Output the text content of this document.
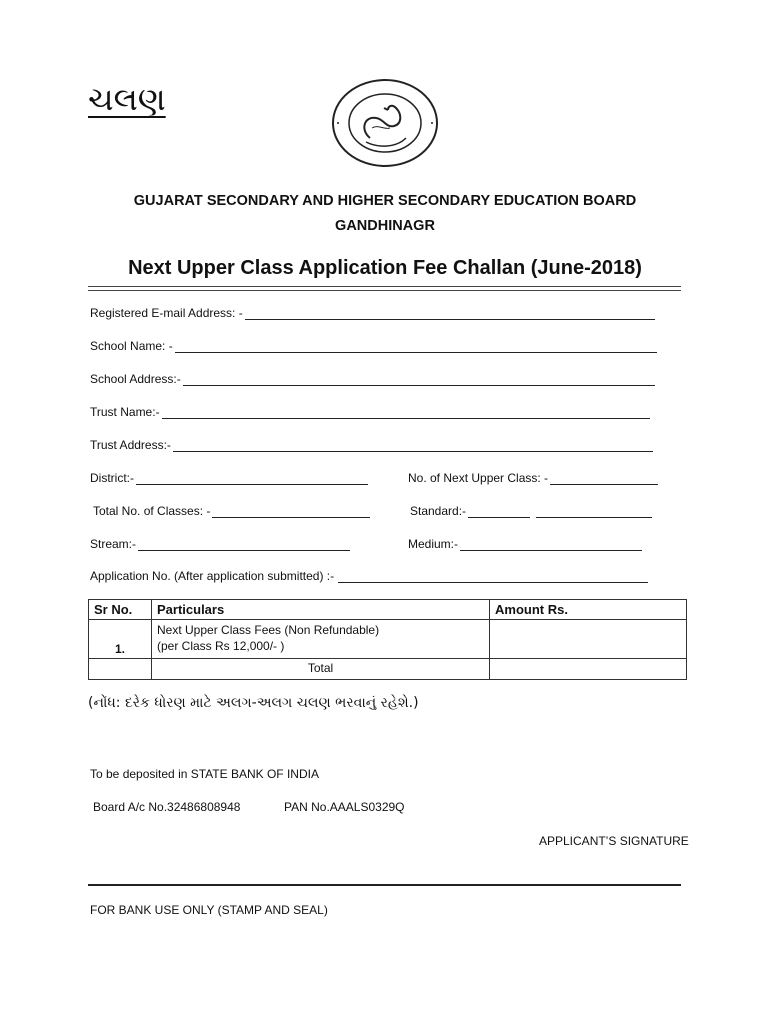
ચલણ
GUJARAT SECONDARY AND HIGHER SECONDARY EDUCATION BOARD
GANDHINAGR
Next Upper Class Application Fee Challan (June-2018)
Registered E-mail Address: -
School Name: -
School Address:-
Trust Name:-
Trust Address:-
District:-	No. of Next Upper Class: -
Total No. of Classes: -	Standard:-
Stream:-	Medium:-
Application No. (After application submitted) :-
Sr No.	Particulars	Amount Rs.
1.	Next Upper Class Fees (Non Refundable)
(per Class Rs 12,000/- )	

	Total	
(નોંધ: દરેક ધોરણ માટે અલગ-અલગ ચલણ ભરવાનું રહેશે.)
To be deposited in STATE BANK OF INDIA
Board A/c No.32486808948	PAN No.AAALS0329Q
APPLICANT’S SIGNATURE
FOR BANK USE ONLY (STAMP AND SEAL)
